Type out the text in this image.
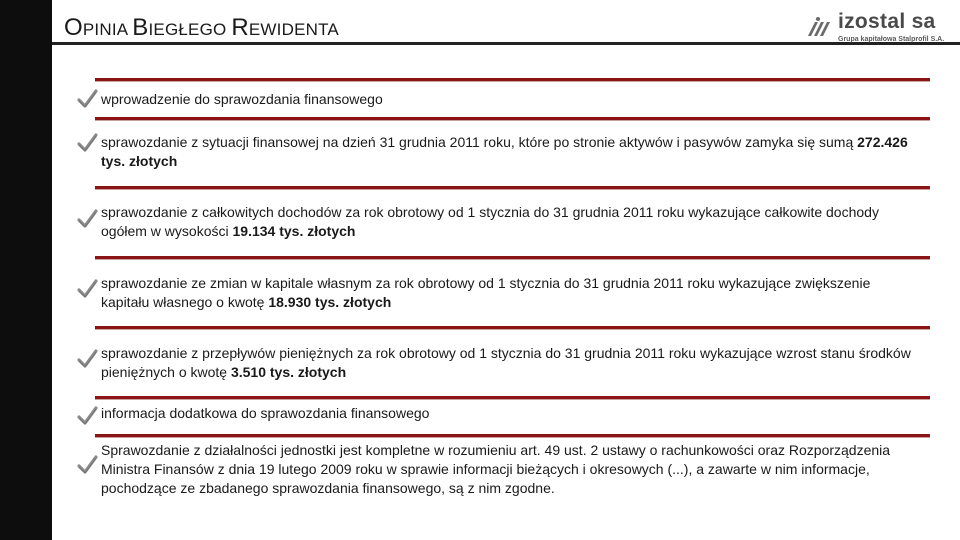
OPINIA BIEGŁEGO REWIDENTA	izostal sa
Grupa kapitałowa Stalprofil S.A.
wprowadzenie do sprawozdania finansowego
sprawozdanie z sytuacji finansowej na dzień 31 grudnia 2011 roku, które po stronie aktywów i pasywów zamyka się sumą 272.426 tys. złotych
sprawozdanie z całkowitych dochodów za rok obrotowy od 1 stycznia do 31 grudnia 2011 roku wykazujące całkowite dochody ogółem w wysokości 19.134 tys. złotych
sprawozdanie ze zmian w kapitale własnym za rok obrotowy od 1 stycznia do 31 grudnia 2011 roku wykazujące zwiększenie kapitału własnego o kwotę 18.930 tys. złotych
sprawozdanie z przepływów pieniężnych za rok obrotowy od 1 stycznia do 31 grudnia 2011 roku wykazujące wzrost stanu środków pieniężnych o kwotę 3.510 tys. złotych
informacja dodatkowa do sprawozdania finansowego
Sprawozdanie z działalności jednostki jest kompletne w rozumieniu art. 49 ust. 2 ustawy o rachunkowości oraz Rozporządzenia Ministra Finansów z dnia 19 lutego 2009 roku w sprawie informacji bieżących i okresowych (...), a zawarte w nim informacje, pochodzące ze zbadanego sprawozdania finansowego, są z nim zgodne.
